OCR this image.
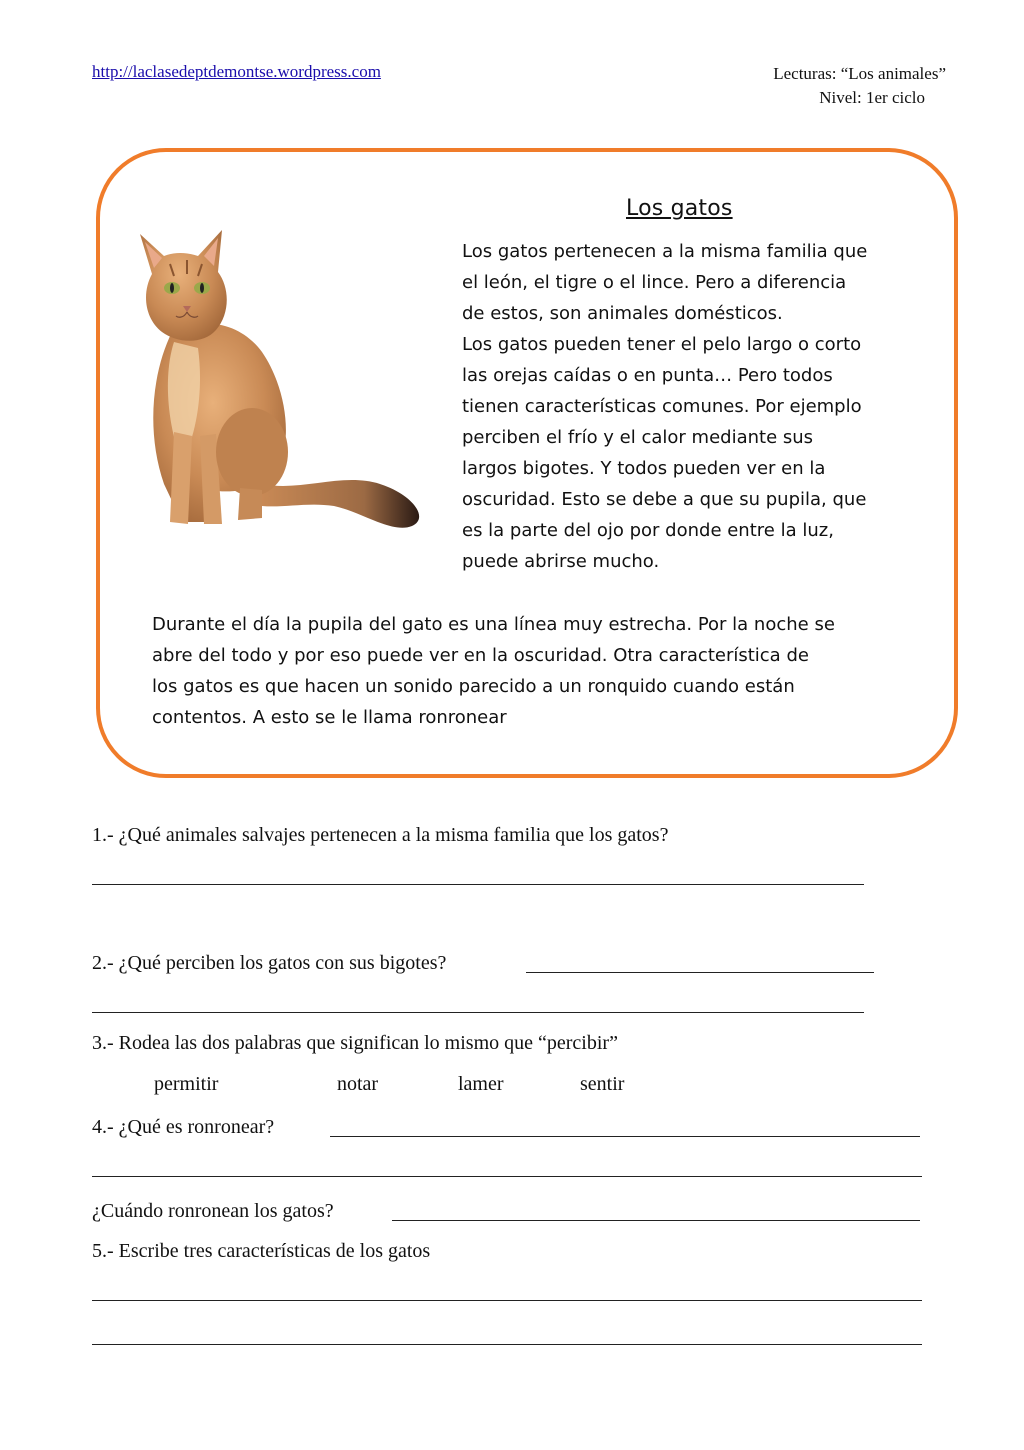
http://laclasedeptdemontse.wordpress.com	Lecturas: “Los animales”
Nivel: 1er ciclo
Los gatos
Los gatos pertenecen a la misma familia que
el león, el tigre o el lince. Pero a diferencia
de estos, son animales domésticos.
Los gatos pueden tener el pelo largo o corto
las orejas caídas o en punta… Pero todos
tienen características comunes. Por ejemplo
perciben el frío y el calor mediante sus
largos bigotes. Y todos pueden ver en la
oscuridad. Esto se debe a que su pupila, que
es la parte del ojo por donde entre la luz,
puede abrirse mucho.
Durante el día la pupila del gato es una línea muy estrecha. Por la noche se
abre del todo y por eso puede ver en la oscuridad. Otra característica de
los gatos es que hacen un sonido parecido a un ronquido cuando están
contentos. A esto se le llama ronronear
1.- ¿Qué animales salvajes pertenecen a la misma familia que los gatos?
2.- ¿Qué perciben los gatos con sus bigotes?
3.- Rodea las dos palabras que significan lo mismo que “percibir”
permitir	notar	lamer	sentir
4.- ¿Qué es ronronear?
¿Cuándo ronronean los gatos?
5.- Escribe tres características de los gatos
